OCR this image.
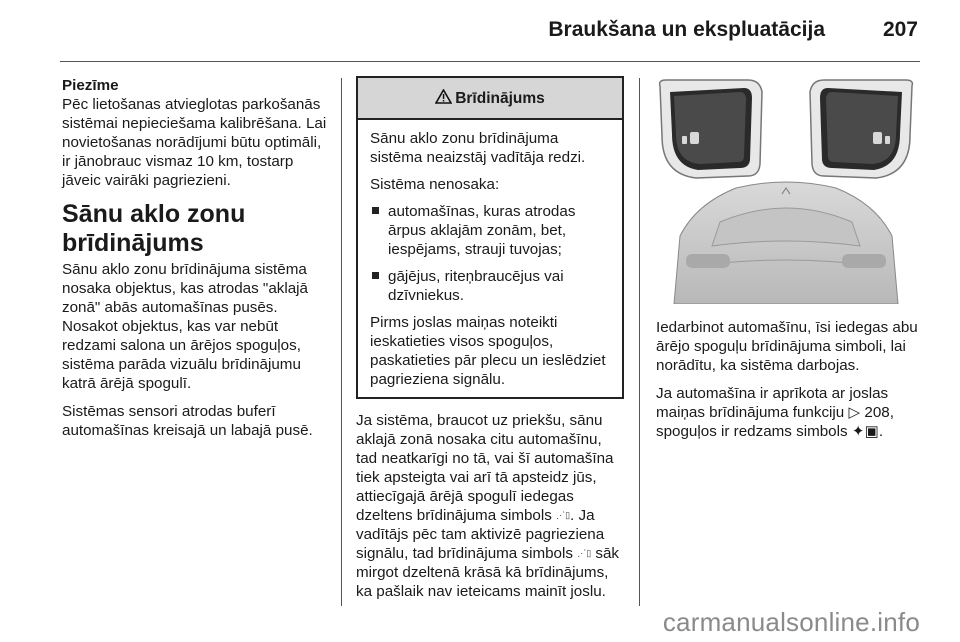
Braukšana un ekspluatācija	207
Piezīme

Pēc lietošanas atvieglotas parkošanās sistēmai nepieciešama kalibrēšana. Lai novietošanas norādījumi būtu optimāli, ir jānobrauc vismaz 10 km, tostarp jāveic vairāki pagriezieni.

Sānu aklo zonu brīdinājums

Sānu aklo zonu brīdinājuma sistēma nosaka objektus, kas atrodas "aklajā zonā" abās automašīnas pusēs. Nosakot objektus, kas var nebūt redzami salona un ārējos spoguļos, sistēma parāda vizuālu brīdinājumu katrā ārējā spogulī.

Sistēmas sensori atrodas buferī automašīnas kreisajā un labajā pusē.

Brīdinājums

Sānu aklo zonu brīdinājuma sistēma neaizstāj vadītāja redzi.

Sistēma nenosaka:

automašīnas, kuras atrodas ārpus aklajām zonām, bet, iespējams, strauji tuvojas;
gājējus, riteņbraucējus vai dzīvniekus.

Pirms joslas maiņas noteikti ieskatieties visos spoguļos, paskatieties pār plecu un ieslēdziet pagrieziena signālu.

Ja sistēma, braucot uz priekšu, sānu aklajā zonā nosaka citu automašīnu, tad neatkarīgi no tā, vai šī automašīna tiek apsteigta vai arī tā apsteidz jūs, attiecīgajā ārējā spogulī iedegas dzeltens brīdinājuma simbols ⋰▯. Ja vadītājs pēc tam aktivizē pagrieziena signālu, tad brīdinājuma simbols ⋰▯ sāk mirgot dzeltenā krāsā kā brīdinājums, ka pašlaik nav ieteicams mainīt joslu.

Iedarbinot automašīnu, īsi iedegas abu ārējo spoguļu brīdinājuma simboli, lai norādītu, ka sistēma darbojas.

Ja automašīna ir aprīkota ar joslas maiņas brīdinājuma funkciju ▷ 208, spoguļos ir redzams simbols ✦▣.

carmanualsonline.info
